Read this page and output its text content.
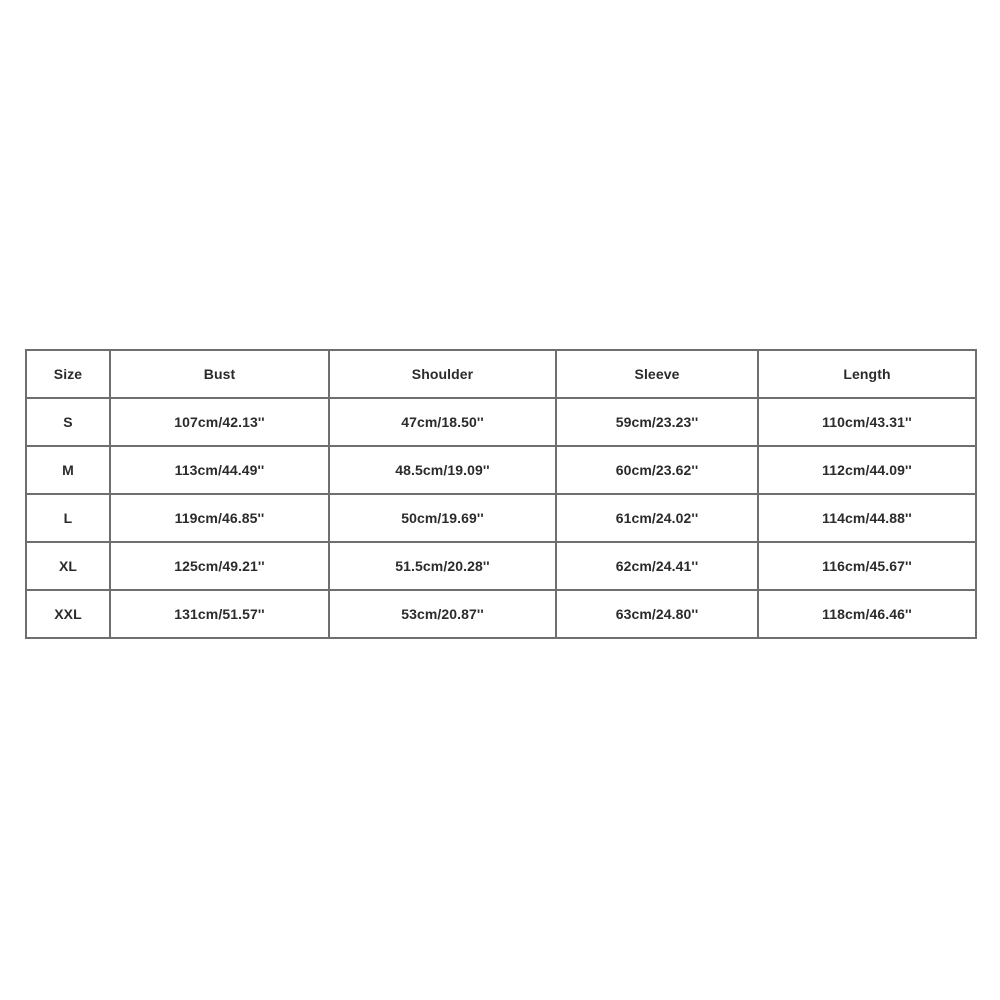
Size	Bust	Shoulder	Sleeve	Length
S	107cm/42.13''	47cm/18.50''	59cm/23.23''	110cm/43.31''
M	113cm/44.49''	48.5cm/19.09''	60cm/23.62''	112cm/44.09''
L	119cm/46.85''	50cm/19.69''	61cm/24.02''	114cm/44.88''
XL	125cm/49.21''	51.5cm/20.28''	62cm/24.41''	116cm/45.67''
XXL	131cm/51.57''	53cm/20.87''	63cm/24.80''	118cm/46.46''
